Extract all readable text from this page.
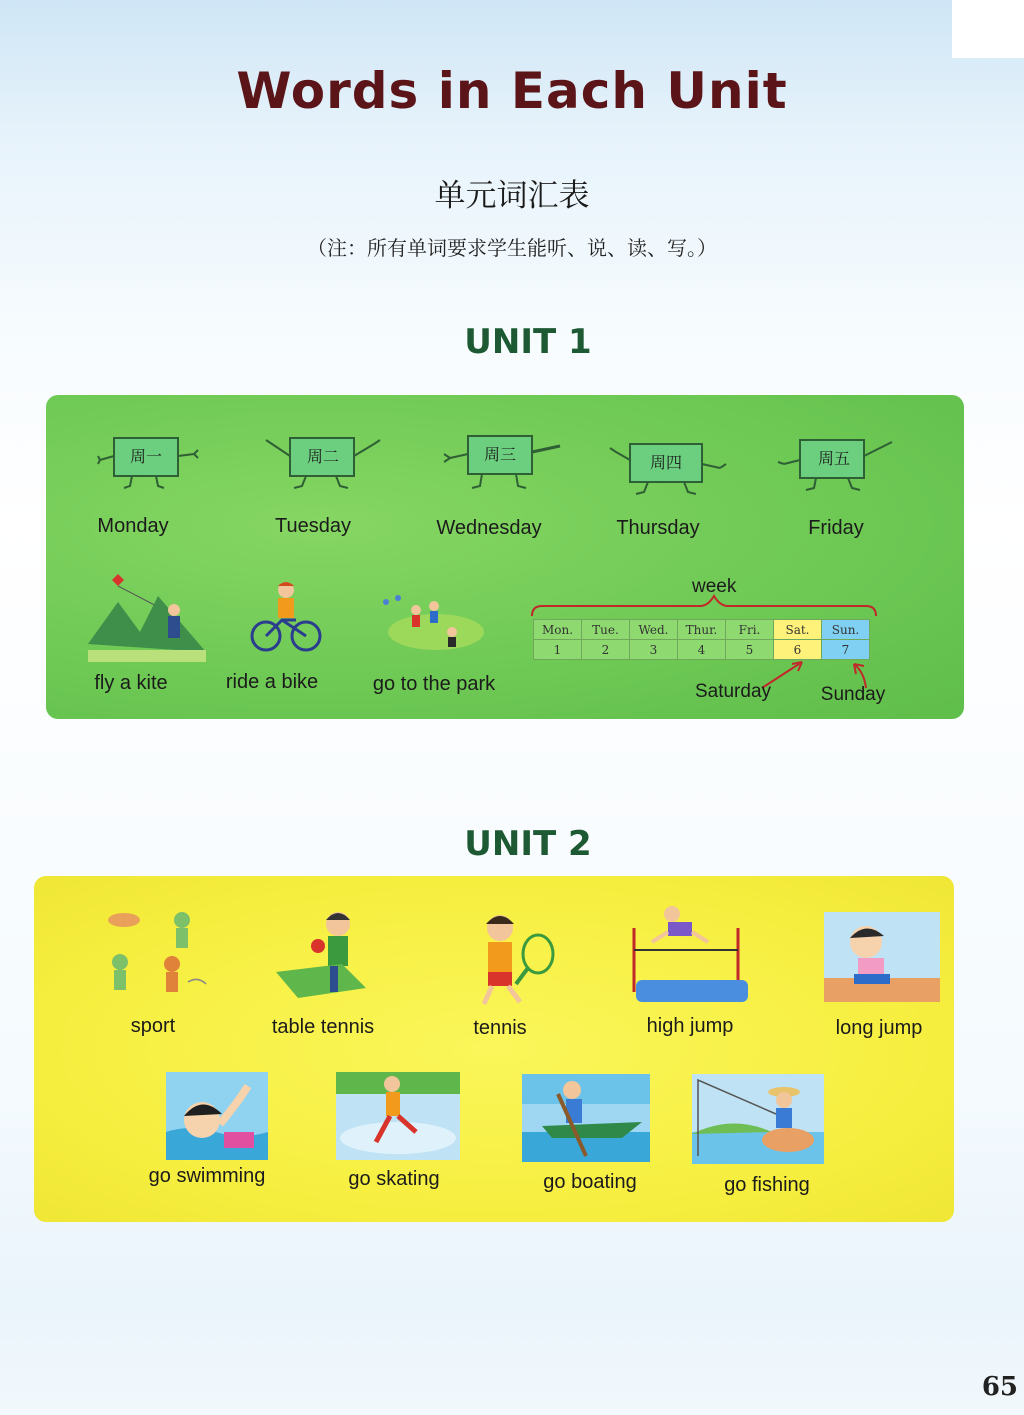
Words in Each Unit
单元词汇表
（注：所有单词要求学生能听、说、读、写。）
UNIT 1
周一	周二	周三	周四	周五
Monday	Tuesday	Wednesday	Thursday	Friday
fly a kite	ride a bike	go to the park
week
Mon.	Tue.	Wed.	Thur.	Fri.	Sat.	Sun.
1	2	3	4	5	6	7
Saturday	Sunday
UNIT 2
sport	table tennis	tennis	high jump	long jump
go swimming	go skating	go boating	go fishing
65
